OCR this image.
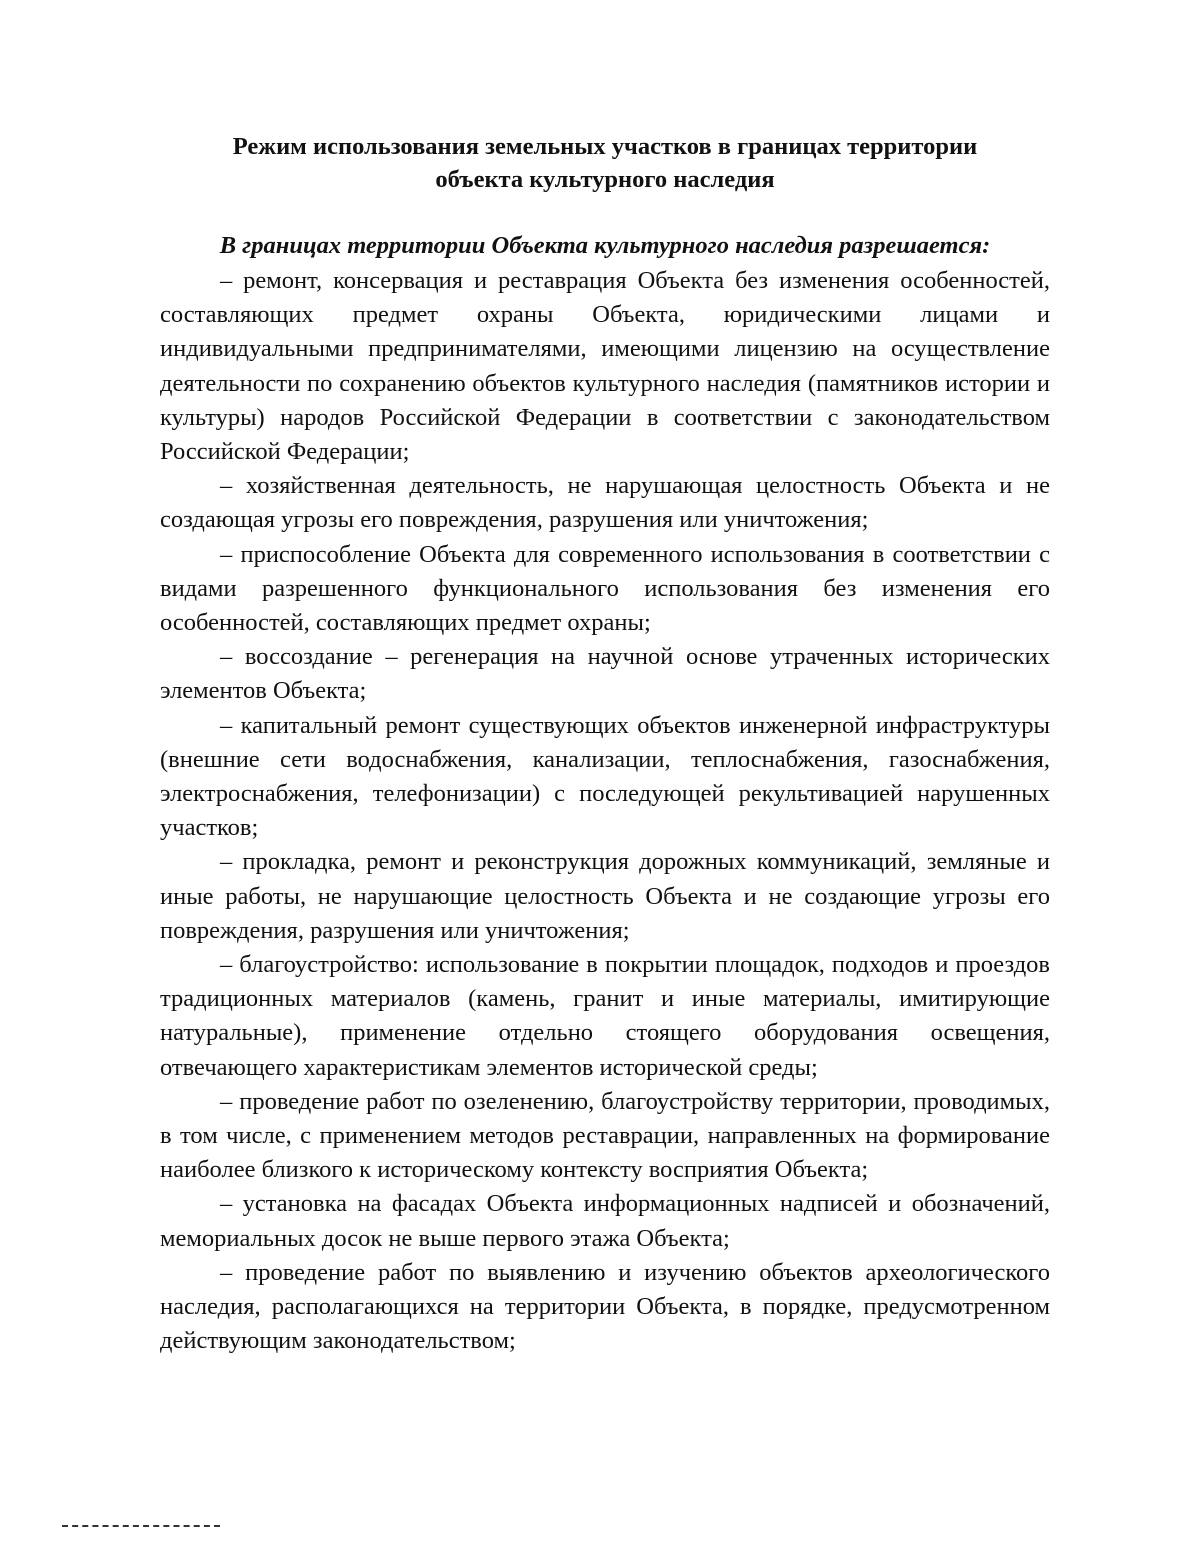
Режим использования земельных участков в границах территории
объекта культурного наследия
В границах территории Объекта культурного наследия разрешается:

– ремонт, консервация и реставрация Объекта без изменения особенностей, составляющих предмет охраны Объекта, юридическими лицами и индивидуальными предпринимателями, имеющими лицензию на осуществление деятельности по сохранению объектов культурного наследия (памятников истории и культуры) народов Российской Федерации в соответствии с законодательством Российской Федерации;

– хозяйственная деятельность, не нарушающая целостность Объекта и не создающая угрозы его повреждения, разрушения или уничтожения;

– приспособление Объекта для современного использования в соответствии с видами разрешенного функционального использования без изменения его особенностей, составляющих предмет охраны;

– воссоздание – регенерация на научной основе утраченных исторических элементов Объекта;

– капитальный ремонт существующих объектов инженерной инфраструктуры (внешние сети водоснабжения, канализации, теплоснабжения, газоснабжения, электроснабжения, телефонизации) с последующей рекультивацией нарушенных участков;

– прокладка, ремонт и реконструкция дорожных коммуникаций, земляные и иные работы, не нарушающие целостность Объекта и не создающие угрозы его повреждения, разрушения или уничтожения;

– благоустройство: использование в покрытии площадок, подходов и проездов традиционных материалов (камень, гранит и иные материалы, имитирующие натуральные), применение отдельно стоящего оборудования освещения, отвечающего характеристикам элементов исторической среды;

– проведение работ по озеленению, благоустройству территории, проводимых, в том числе, с применением методов реставрации, направленных на формирование наиболее близкого к историческому контексту восприятия Объекта;

– установка на фасадах Объекта информационных надписей и обозначений, мемориальных досок не выше первого этажа Объекта;

– проведение работ по выявлению и изучению объектов археологического наследия, располагающихся на территории Объекта, в порядке, предусмотренном действующим законодательством;
